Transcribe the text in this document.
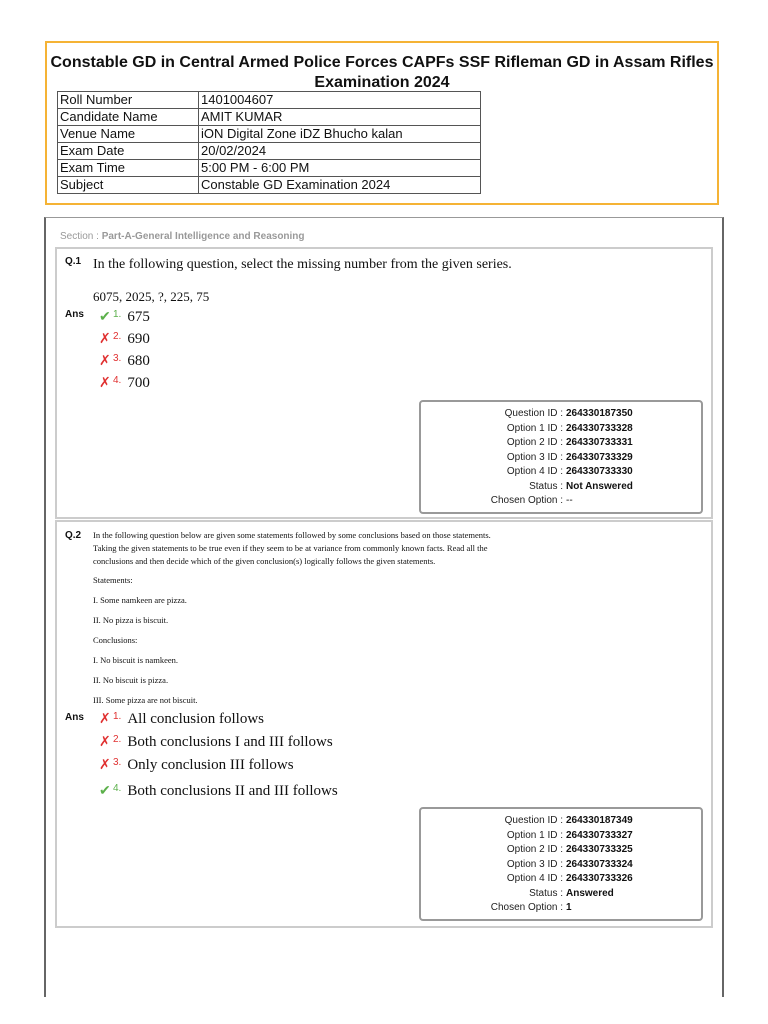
Constable GD in Central Armed Police Forces CAPFs SSF Rifleman GD in Assam Rifles Examination 2024
Roll Number	1401004607
Candidate Name	AMIT KUMAR
Venue Name	iON Digital Zone iDZ Bhucho kalan
Exam Date	20/02/2024
Exam Time	5:00 PM - 6:00 PM
Subject	Constable GD Examination 2024
Section : Part-A-General Intelligence and Reasoning
Q.1 In the following question, select the missing number from the given series.
6075, 2025, ?, 225, 75
Ans ✔ $^{1.}$ 675
✗ $^{2.}$ 690
✗ $^{3.}$ 680
✗ $^{4.}$ 700
Question ID : 264330187350
Option 1 ID : 264330733328
Option 2 ID : 264330733331
Option 3 ID : 264330733329
Option 4 ID : 264330733330
Status : Not Answered
Chosen Option : --
Q.2 In the following question below are given some statements followed by some conclusions based on those statements.
Taking the given statements to be true even if they seem to be at variance from commonly known facts. Read all the
conclusions and then decide which of the given conclusion(s) logically follows the given statements.
Statements:
I. Some namkeen are pizza.
II. No pizza is biscuit.
Conclusions:
I. No biscuit is namkeen.
II. No biscuit is pizza.
III. Some pizza are not biscuit.
Ans ✗ $^{1.}$ All conclusion follows
✗ $^{2.}$ Both conclusions I and III follows
✗ $^{3.}$ Only conclusion III follows
✔ $^{4.}$ Both conclusions II and III follows
Question ID : 264330187349
Option 1 ID : 264330733327
Option 2 ID : 264330733325
Option 3 ID : 264330733324
Option 4 ID : 264330733326
Status : Answered
Chosen Option : 1
